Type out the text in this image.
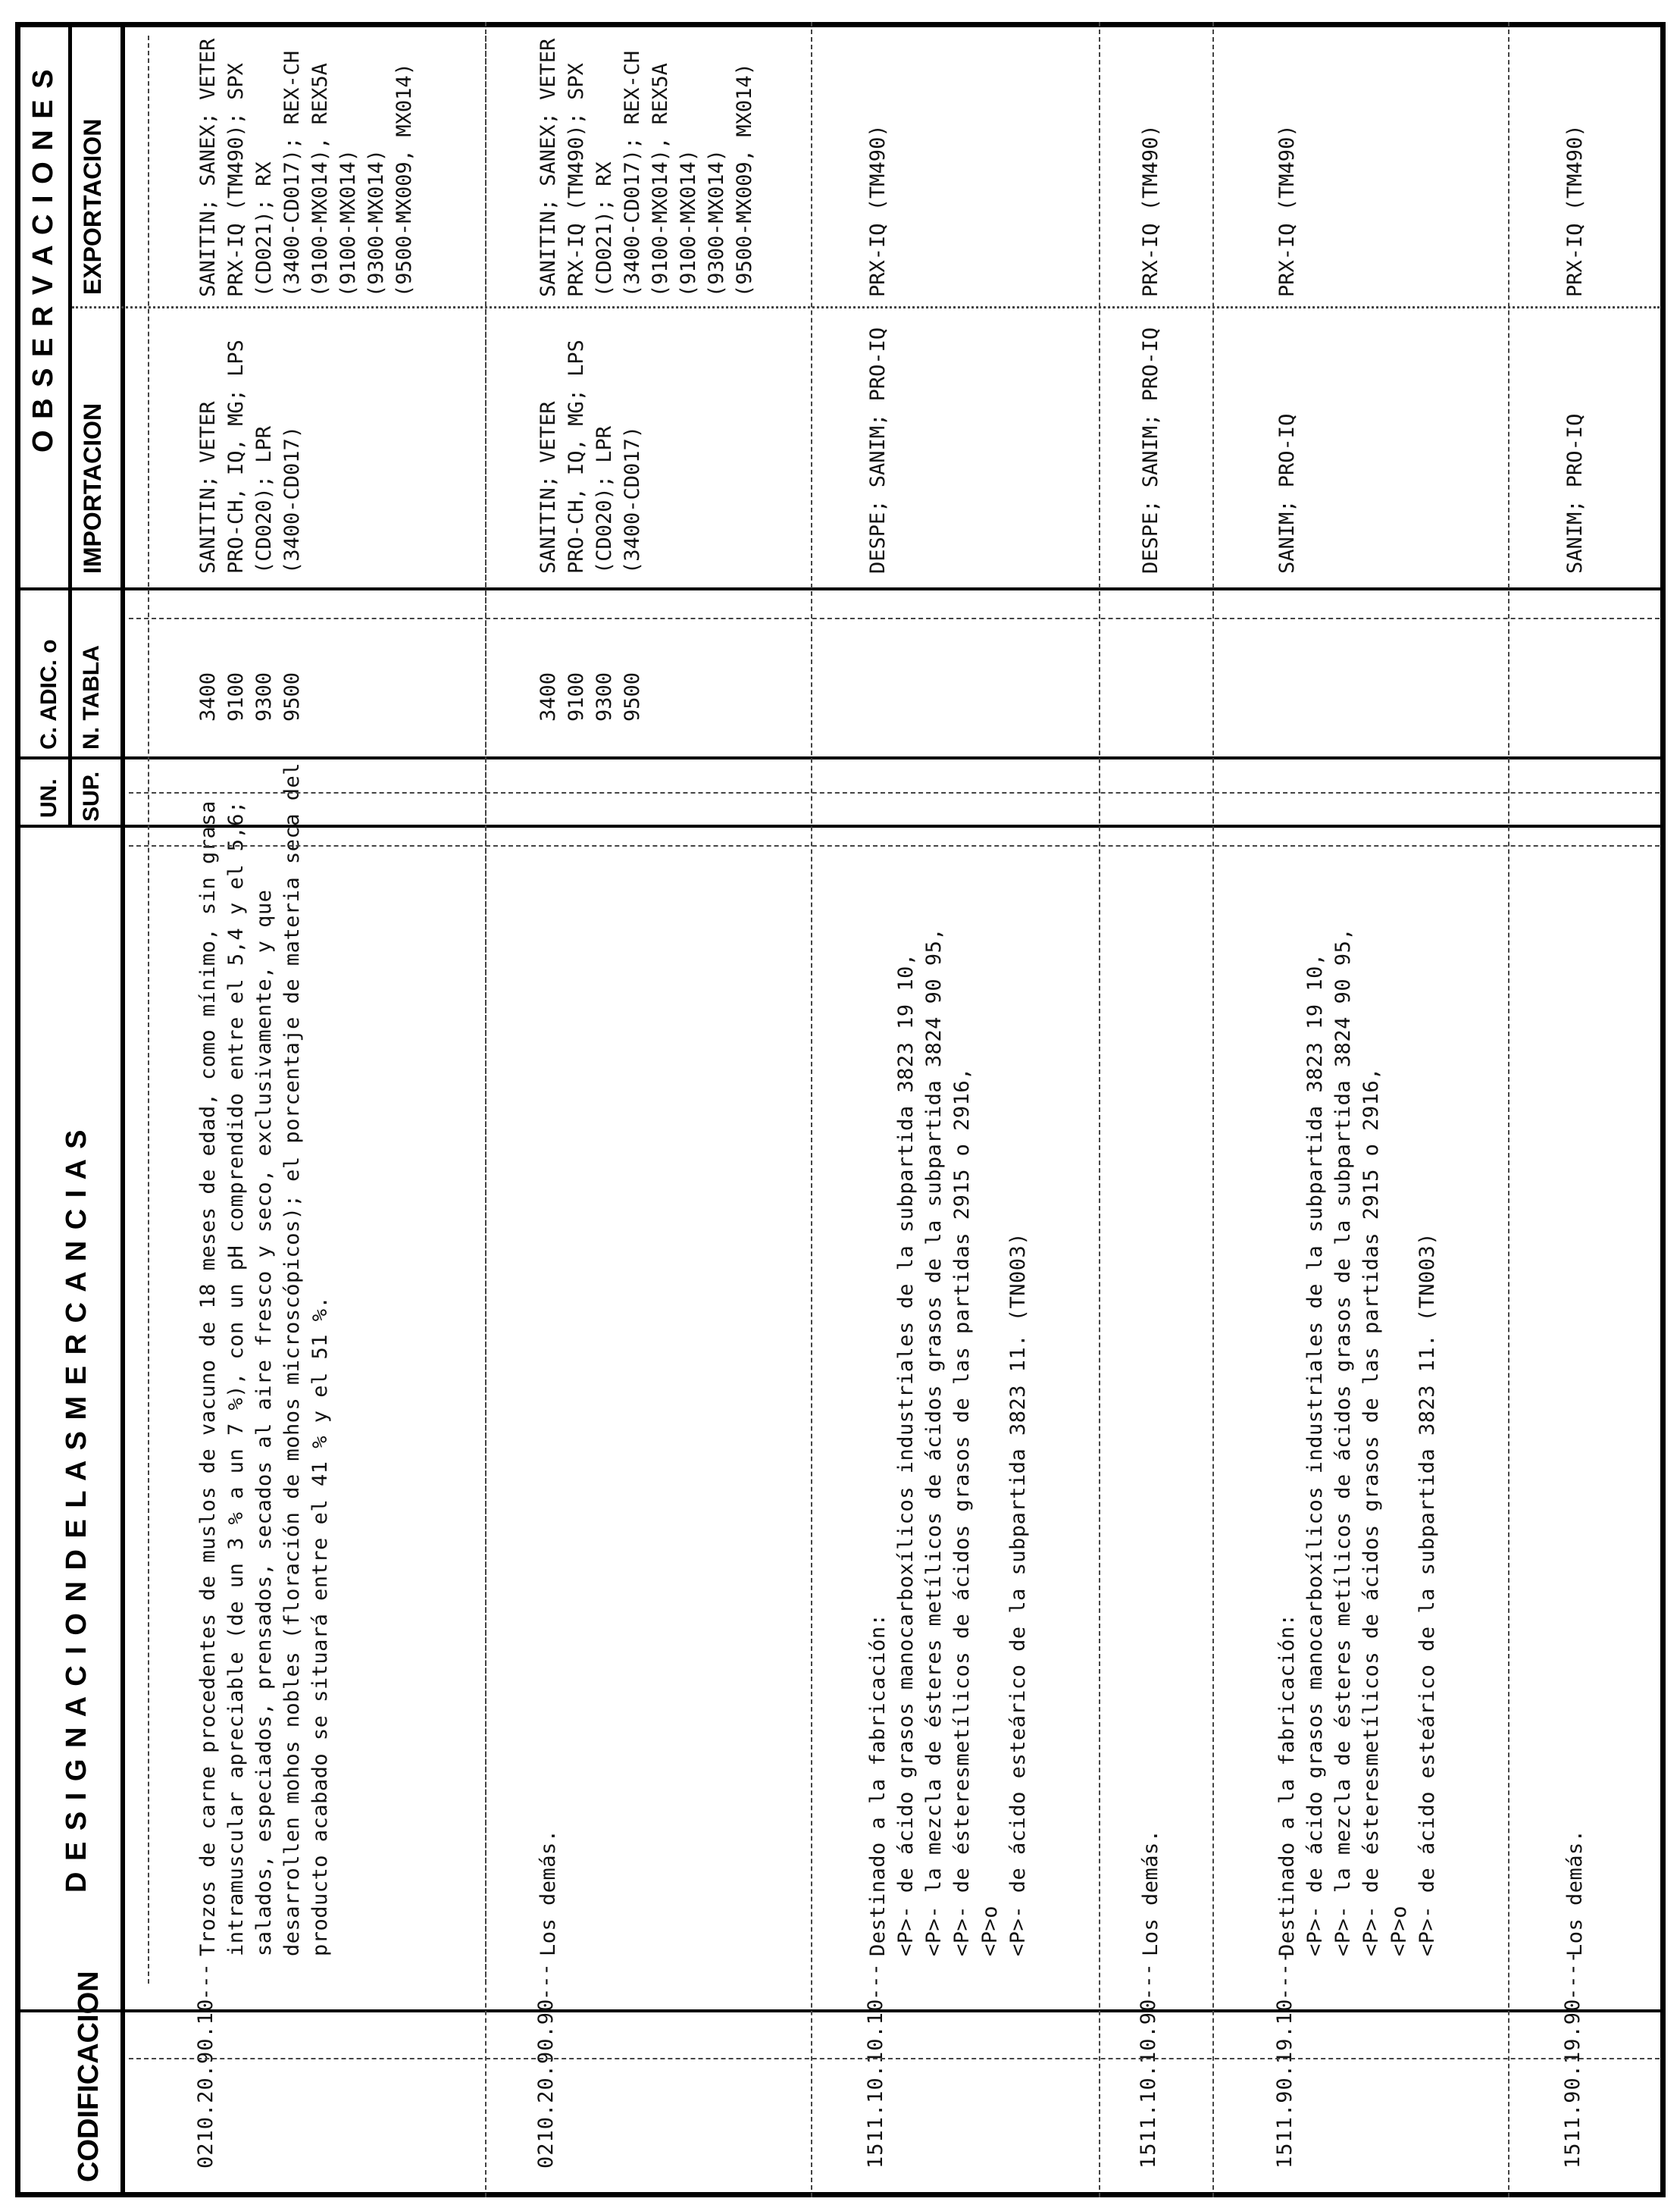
CODIFICACION
D E S I G N A C I O N D E L A S M E R C A N C I A S
UN. SUP.
C. ADIC. o N. TABLA
O B S E R V A C I O N E S
IMPORTACION
EXPORTACION
0210.20.90.10
---
Trozos de carne procedentes de muslos de vacuno de 18 meses de edad, como mínimo, sin grasa
intramuscular apreciable (de un 3 % a un 7 %), con un pH comprendido entre el 5,4 y el 5,6;
salados, especiados, prensados, secados al aire fresco y seco, exclusivamente, y que
desarrollen mohos nobles (floración de mohos microscópicos); el porcentaje de materia seca del
producto acabado se situará entre el 41 % y el 51 %.
3400
9100
9300
9500
SANITIN; VETER
PRO-CH, IQ, MG; LPS
(CD020); LPR
(3400-CD017)
SANITIN; SANEX; VETER
PRX-IQ (TM490); SPX
(CD021); RX
(3400-CD017); REX-CH
(9100-MX014), REX5A
(9100-MX014)
(9300-MX014)
(9500-MX009, MX014)
0210.20.90.90
---
Los demás.
3400
9100
9300
9500
SANITIN; VETER
PRO-CH, IQ, MG; LPS
(CD020); LPR
(3400-CD017)
SANITIN; SANEX; VETER
PRX-IQ (TM490); SPX
(CD021); RX
(3400-CD017); REX-CH
(9100-MX014), REX5A
(9100-MX014)
(9300-MX014)
(9500-MX009, MX014)
1511.10.10.10
---
Destinado a la fabricación:
<P>- de ácido grasos manocarboxílicos industriales de la subpartida 3823 19 10,
<P>- la mezcla de ésteres metílicos de ácidos grasos de la subpartida 3824 90 95,
<P>- de ésteresmetílicos de ácidos grasos de las partidas 2915 o 2916,
<P>o
<P>- de ácido esteárico de la subpartida 3823 11. (TN003)
DESPE; SANIM; PRO-IQ
PRX-IQ (TM490)
1511.10.10.90
---
Los demás.
DESPE; SANIM; PRO-IQ
PRX-IQ (TM490)
1511.90.19.10
----
Destinado a la fabricación:
<P>- de ácido grasos manocarboxílicos industriales de la subpartida 3823 19 10,
<P>- la mezcla de ésteres metílicos de ácidos grasos de la subpartida 3824 90 95,
<P>- de ésteresmetílicos de ácidos grasos de las partidas 2915 o 2916,
<P>o
<P>- de ácido esteárico de la subpartida 3823 11. (TN003)
SANIM; PRO-IQ
PRX-IQ (TM490)
1511.90.19.90
----
Los demás.
SANIM; PRO-IQ
PRX-IQ (TM490)
